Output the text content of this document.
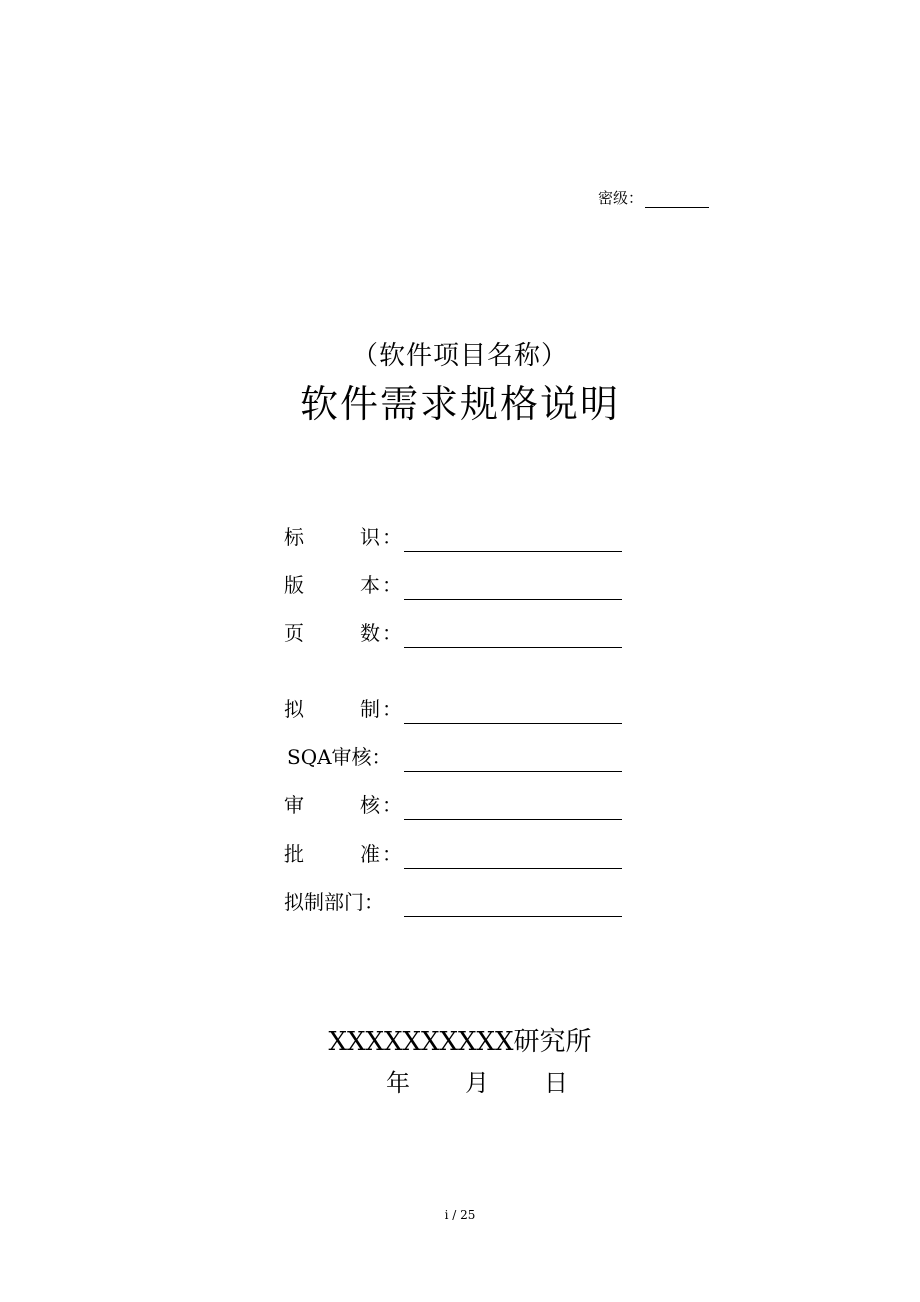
密级：
（软件项目名称）
软件需求规格说明
标	识 ：
版	本 ：
页	数 ：
拟	制 ：
SQA审核：
审	核 ：
批	准 ：
拟制部门：
XXXXXXXXXX研究所
年 月 日
i / 25
